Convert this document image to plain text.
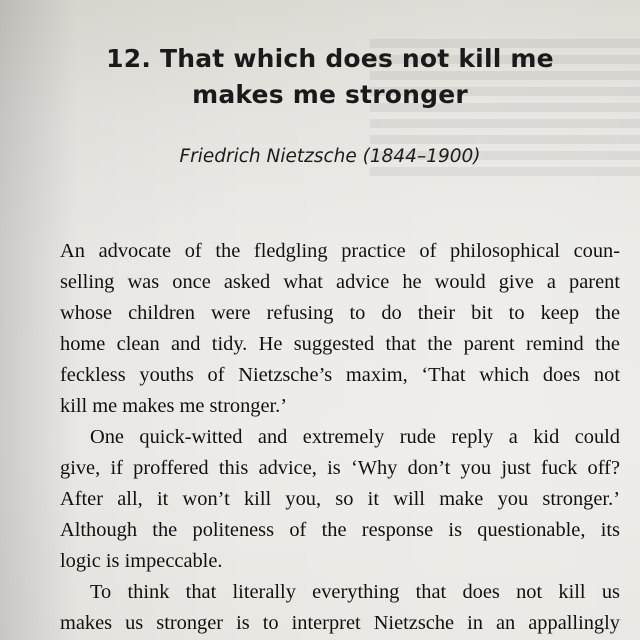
12. That which does not kill me
makes me stronger
Friedrich Nietzsche (1844–1900)
An advocate of the fledgling practice of philosophical coun-
selling was once asked what advice he would give a parent
whose children were refusing to do their bit to keep the
home clean and tidy. He suggested that the parent remind the
feckless youths of Nietzsche’s maxim, ‘That which does not
kill me makes me stronger.’
One quick-witted and extremely rude reply a kid could
give, if proffered this advice, is ‘Why don’t you just fuck off?
After all, it won’t kill you, so it will make you stronger.’
Although the politeness of the response is questionable, its
logic is impeccable.
To think that literally everything that does not kill us
makes us stronger is to interpret Nietzsche in an appallingly
